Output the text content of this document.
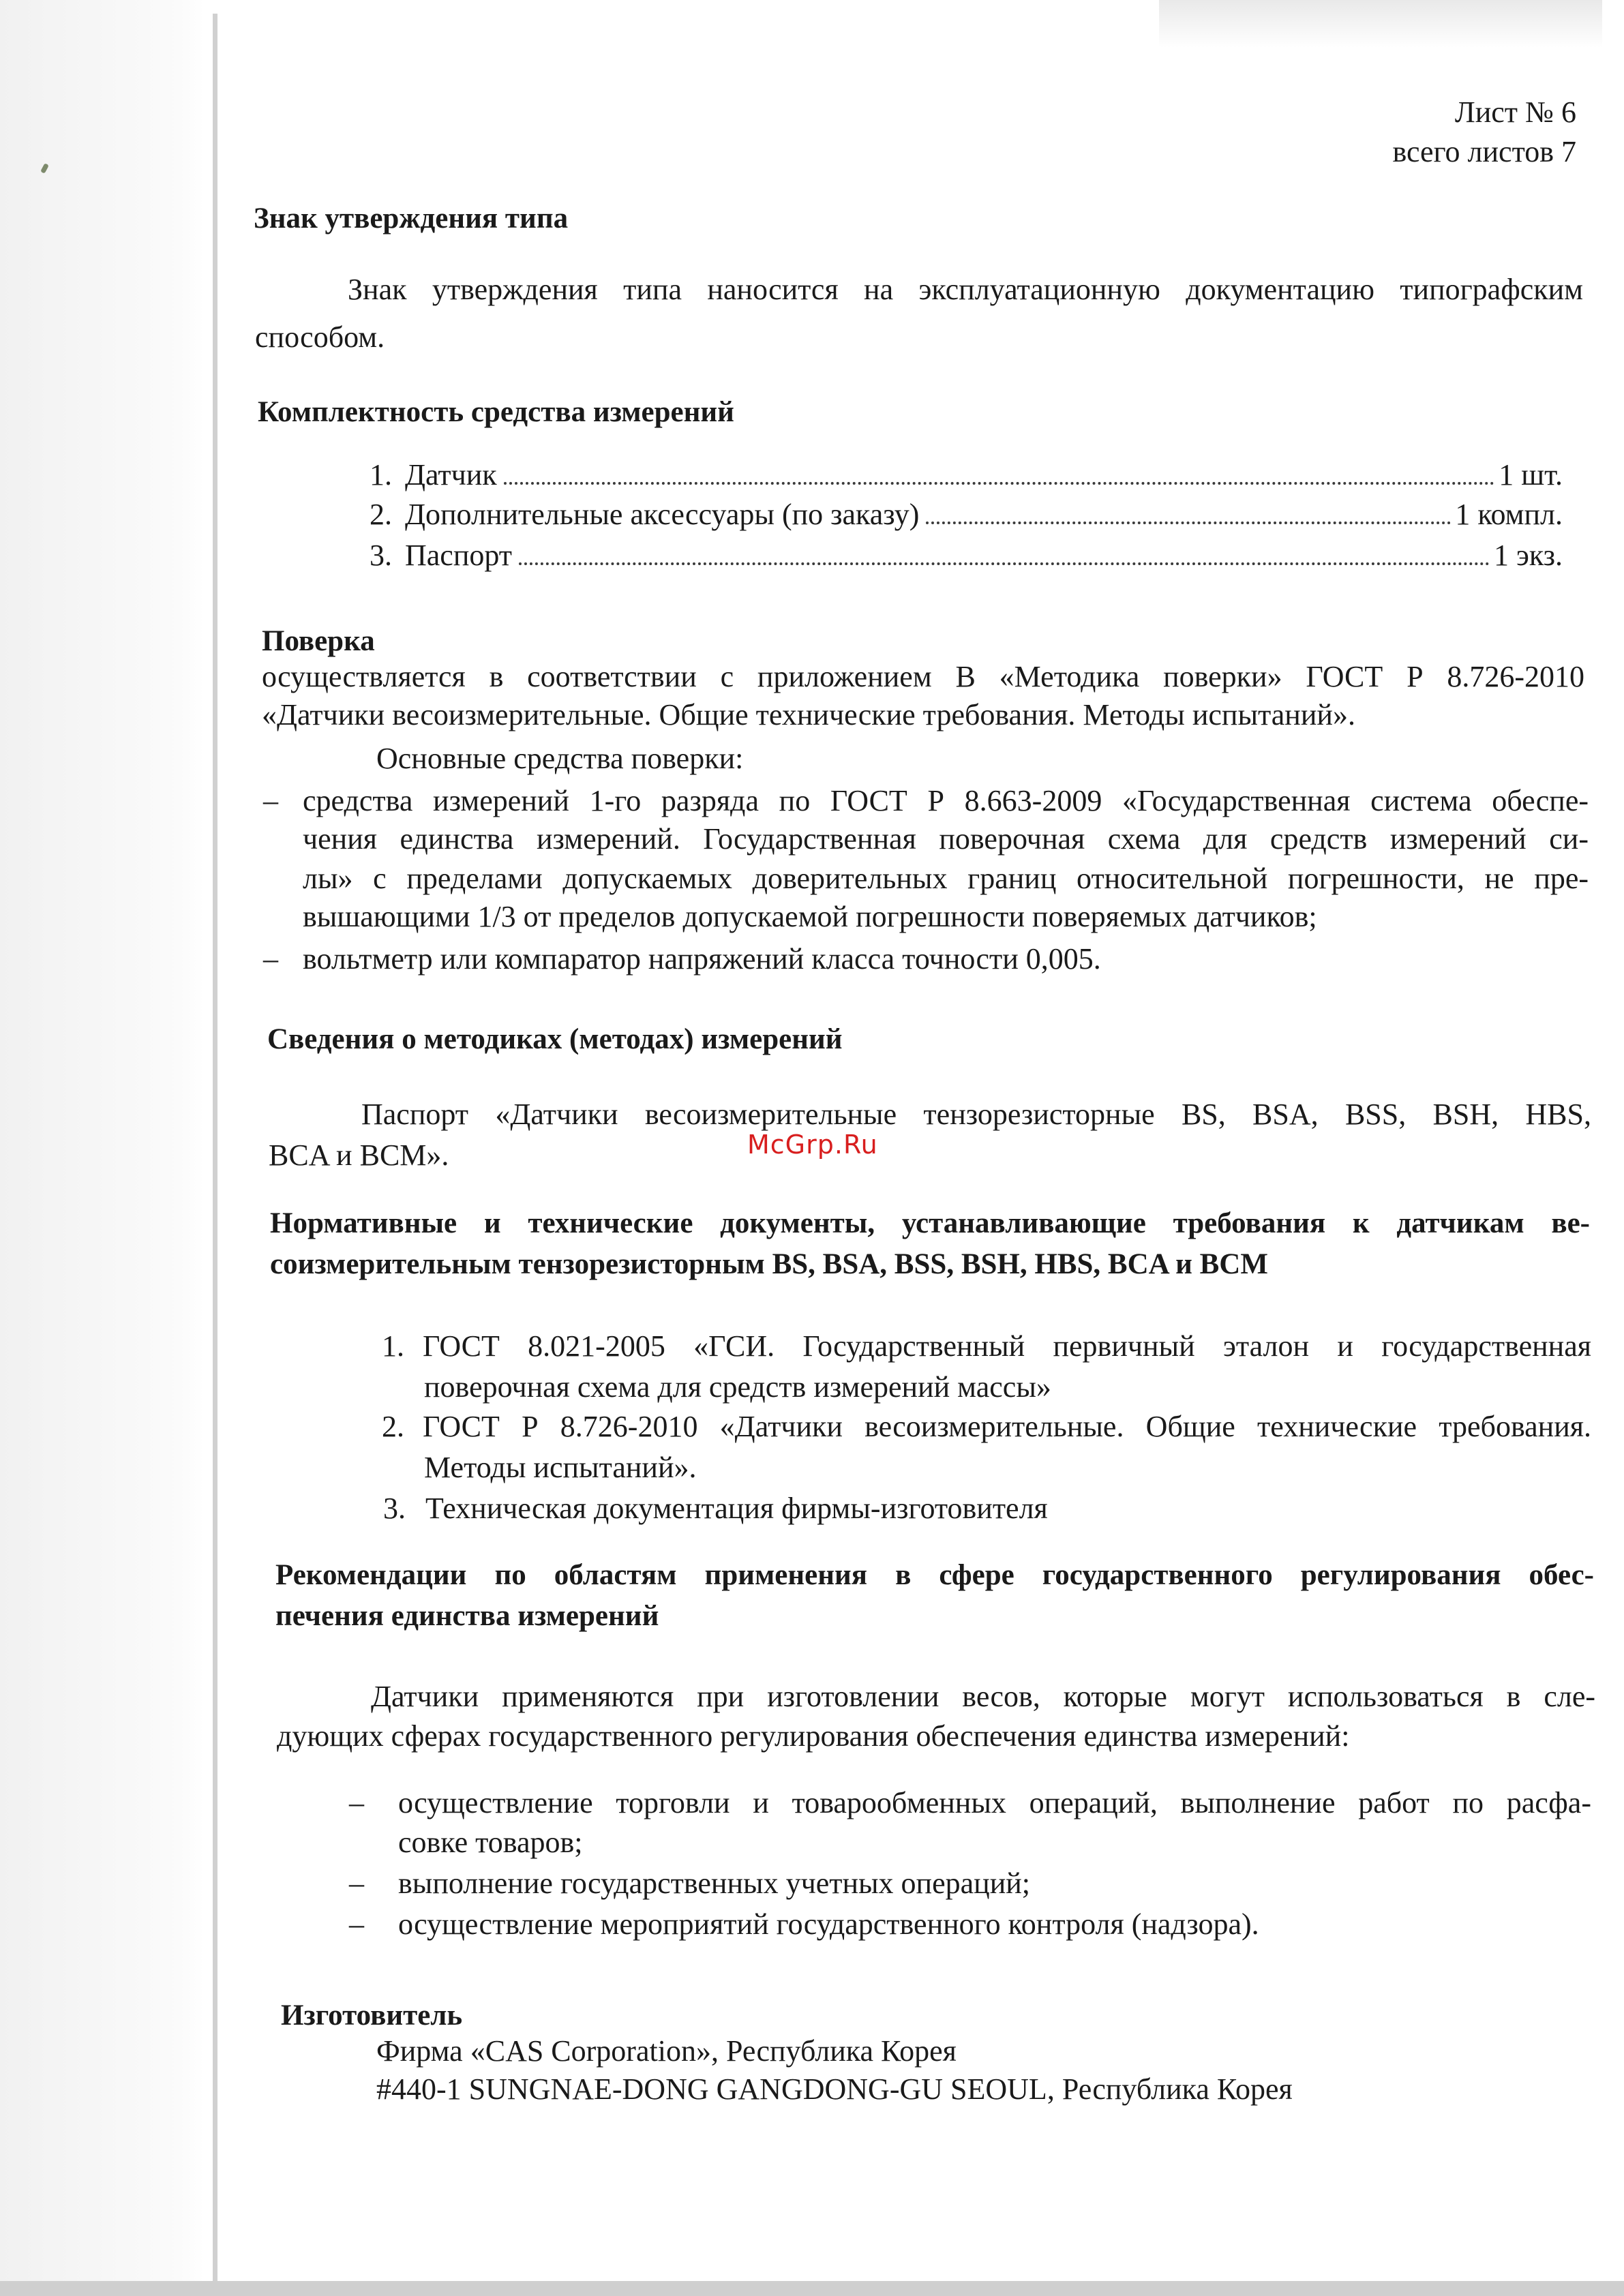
Лист № 6
всего листов 7
Знак утверждения типа
Знак утверждения типа наносится на эксплуатационную документацию типографским
способом.
Комплектность средства измерений
1. Датчик	1 шт.
2. Дополнительные аксессуары (по заказу)	1 компл.
3. Паспорт	1 экз.
Поверка
осуществляется в соответствии с приложением В «Методика поверки» ГОСТ Р 8.726-2010
«Датчики весоизмерительные. Общие технические требования. Методы испытаний».
Основные средства поверки:
– средства измерений 1-го разряда по ГОСТ Р 8.663-2009 «Государственная система обеспе-
чения единства измерений. Государственная поверочная схема для средств измерений си-
лы» с пределами допускаемых доверительных границ относительной погрешности, не пре-
вышающими 1/3 от пределов допускаемой погрешности поверяемых датчиков;
– вольтметр или компаратор напряжений класса точности 0,005.
Сведения о методиках (методах) измерений
Паспорт «Датчики весоизмерительные тензорезисторные BS, BSA, BSS, BSH, HBS,
BCA и BCM».	McGrp.Ru
Нормативные и технические документы, устанавливающие требования к датчикам ве-
соизмерительным тензорезисторным BS, BSA, BSS, BSH, HBS, BCA и BCM
1. ГОСТ 8.021-2005 «ГСИ. Государственный первичный эталон и государственная
поверочная схема для средств измерений массы»
2. ГОСТ Р 8.726-2010 «Датчики весоизмерительные. Общие технические требования.
Методы испытаний».
3. Техническая документация фирмы-изготовителя
Рекомендации по областям применения в сфере государственного регулирования обес-
печения единства измерений
Датчики применяются при изготовлении весов, которые могут использоваться в сле-
дующих сферах государственного регулирования обеспечения единства измерений:
– осуществление торговли и товарообменных операций, выполнение работ по расфа-
совке товаров;
– выполнение государственных учетных операций;
– осуществление мероприятий государственного контроля (надзора).
Изготовитель
Фирма «CAS Corporation», Республика Корея
#440-1 SUNGNAE-DONG GANGDONG-GU SEOUL, Республика Корея
